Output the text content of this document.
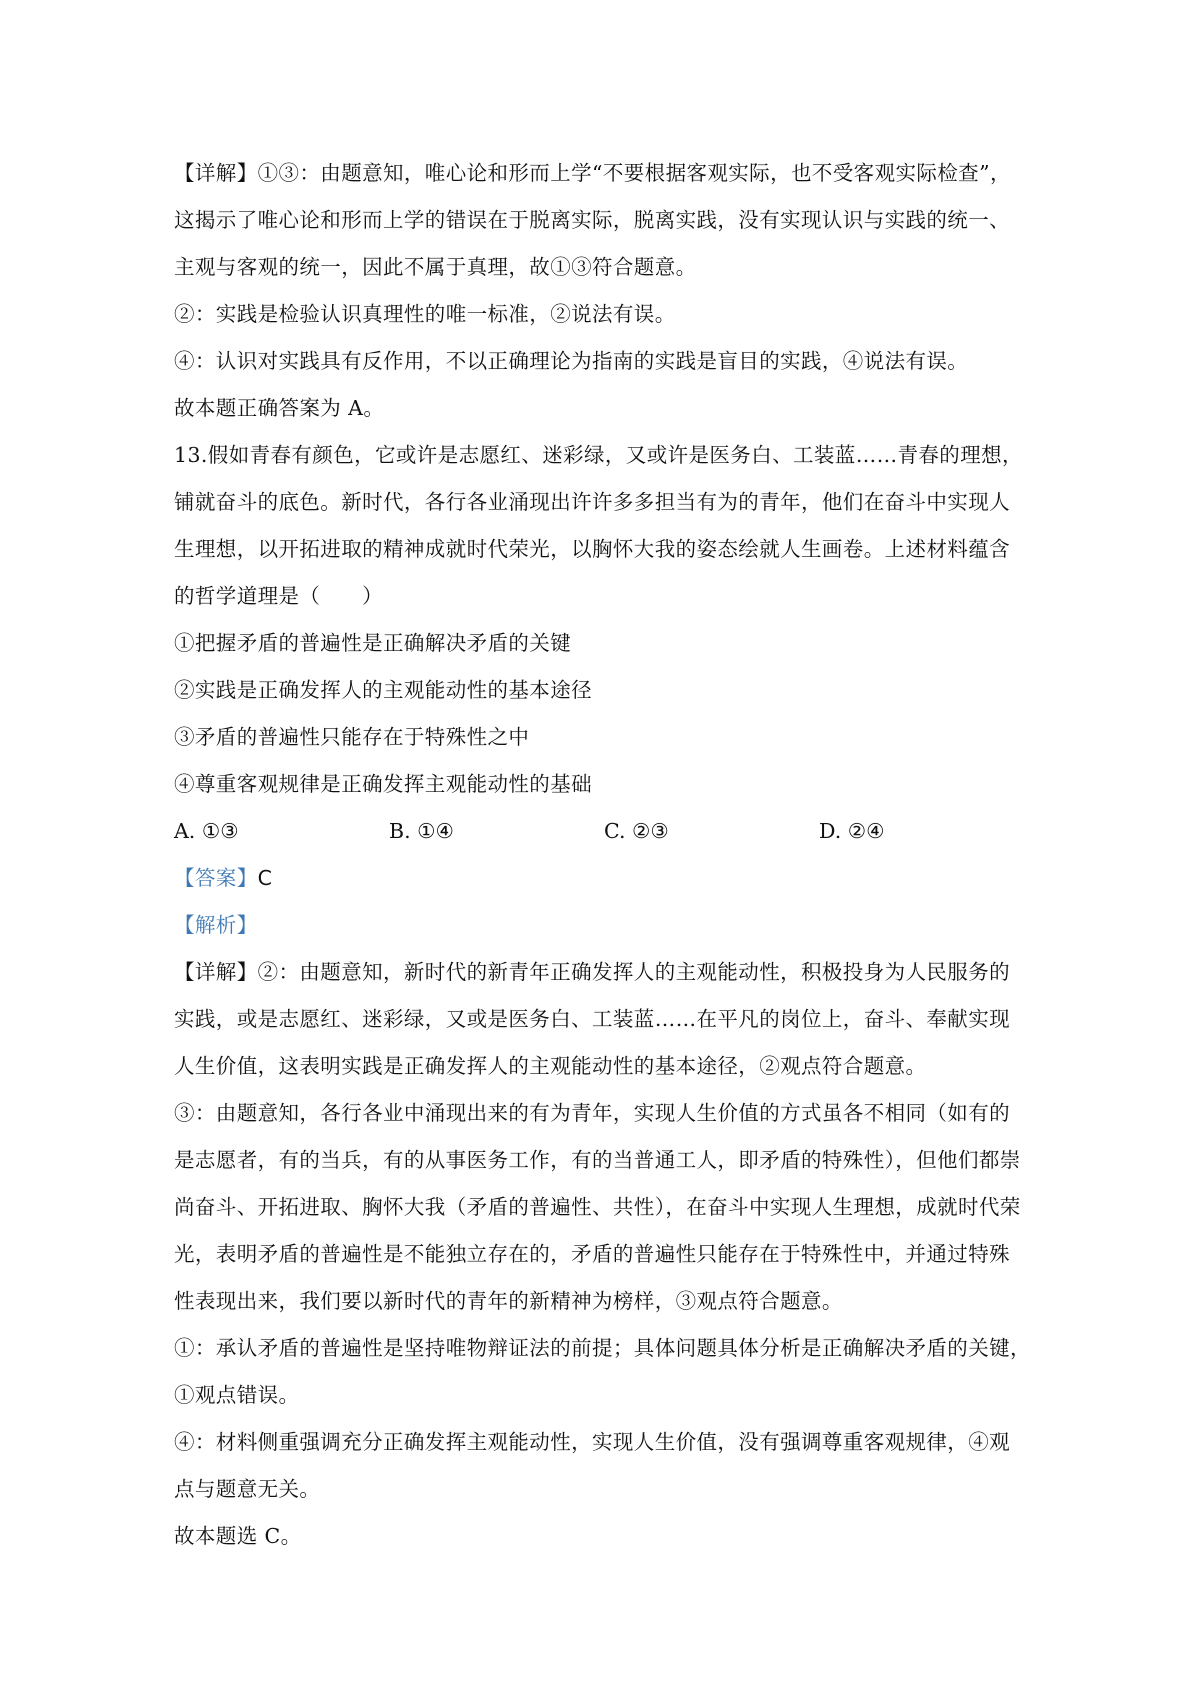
【详解】①③：由题意知，唯心论和形而上学“不要根据客观实际，也不受客观实际检查”，
这揭示了唯心论和形而上学的错误在于脱离实际，脱离实践，没有实现认识与实践的统一、
主观与客观的统一，因此不属于真理，故①③符合题意。
②：实践是检验认识真理性的唯一标准，②说法有误。
④：认识对实践具有反作用，不以正确理论为指南的实践是盲目的实践，④说法有误。
故本题正确答案为 A。
13.假如青春有颜色，它或许是志愿红、迷彩绿，又或许是医务白、工装蓝……青春的理想，
铺就奋斗的底色。新时代，各行各业涌现出许许多多担当有为的青年，他们在奋斗中实现人
生理想，以开拓进取的精神成就时代荣光，以胸怀大我的姿态绘就人生画卷。上述材料蕴含
的哲学道理是（　　）
①把握矛盾的普遍性是正确解决矛盾的关键
②实践是正确发挥人的主观能动性的基本途径
③矛盾的普遍性只能存在于特殊性之中
④尊重客观规律是正确发挥主观能动性的基础
A. ①③	B. ①④	C. ②③	D. ②④
【答案】C
【解析】
【详解】②：由题意知，新时代的新青年正确发挥人的主观能动性，积极投身为人民服务的
实践，或是志愿红、迷彩绿，又或是医务白、工装蓝……在平凡的岗位上，奋斗、奉献实现
人生价值，这表明实践是正确发挥人的主观能动性的基本途径，②观点符合题意。
③：由题意知，各行各业中涌现出来的有为青年，实现人生价值的方式虽各不相同（如有的
是志愿者，有的当兵，有的从事医务工作，有的当普通工人，即矛盾的特殊性），但他们都崇
尚奋斗、开拓进取、胸怀大我（矛盾的普遍性、共性），在奋斗中实现人生理想，成就时代荣
光，表明矛盾的普遍性是不能独立存在的，矛盾的普遍性只能存在于特殊性中，并通过特殊
性表现出来，我们要以新时代的青年的新精神为榜样，③观点符合题意。
①：承认矛盾的普遍性是坚持唯物辩证法的前提；具体问题具体分析是正确解决矛盾的关键，
①观点错误。
④：材料侧重强调充分正确发挥主观能动性，实现人生价值，没有强调尊重客观规律，④观
点与题意无关。
故本题选 C。
